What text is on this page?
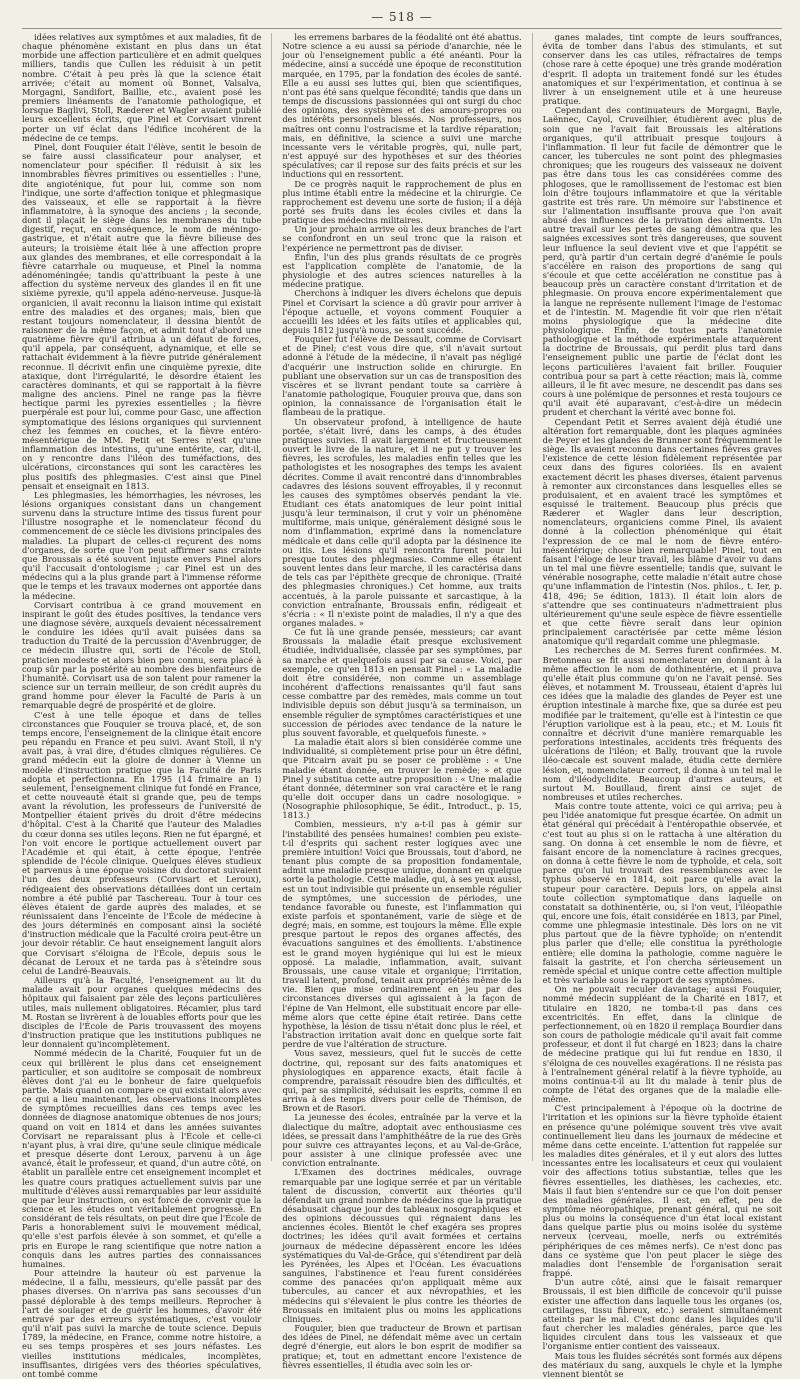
— 518 —

idées relatives aux symptômes et aux maladies, fit de chaque phénomène existant en plus dans un état morbide une affection particulière et en admit quelques milliers, tandis que Cullen les réduisit à un petit nombre. C'était à peu près là que la science était arrivée; c'était au moment où Bonnet, Valsalva, Morgagni, Sandifort, Baillie, etc., avaient posé les premiers linéaments de l'anatomie pathologique, et lorsque Baglivi, Stoll, Ræderer et Wagler avaient publié leurs excellents écrits, que Pinel et Corvisart vinrent porter un vif éclat dans l'édifice incohérent de la médecine de ce temps.

Pinel, dont Fouquier était l'élève, sentit le besoin de se faire aussi classificateur pour analyser, et nomenclateur pour spécifier. Il réduisit à six les innombrables fièvres primitives ou essentielles : l'une, dite angioténique, fut pour lui, comme son nom l'indique, une sorte d'affection tonique et phlegmasique des vaisseaux, et elle se rapportait à la fièvre inflammatoire, à la synoque des anciens ; la seconde, dont il plaçait le siège dans les membranes du tube digestif, reçut, en conséquence, le nom de méningo-gastrique, et n'était autre que la fièvre bilieuse des auteurs; la troisième était liée à une affection propre aux glandes des membranes, et elle correspondait à la fièvre catarrhale ou muqueuse, et Pinel la nomma adénoméningée; tandis qu'attribuant la peste à une affection du système nerveux des glandes il en fit une sixième pyrexie, qu'il appela adéno-nerveuse. Jusque-là organicien, il avait reconnu la liaison intime qui existait entre des maladies et des organes; mais, bien que restant toujours nomenclateur, il dessina bientôt de raisonner de la même façon, et admit tout d'abord une quatrième fièvre qu'il attribua à un défaut de forces, qu'il appela, par conséquent, adynamique, et elle se rattachait évidemment à la fièvre putride généralement reconnue. Il décrivit enfin une cinquième pyrexie, dite ataxique, dont l'irrégularité, le désordre étaient les caractères dominants, et qui se rapportait à la fièvre maligne des anciens. Pinel ne range pas la fièvre hectique parmi les pyrexies essentielles ; la fièvre puerpérale est pour lui, comme pour Gasc, une affection symptomatique des lésions organiques qui surviennent chez les femmes en couches, et la fièvre entéro-mésentérique de MM. Petit et Serres n'est qu'une inflammation des intestins, qu'une entérite, car, dit-il, on y rencontre dans l'iléon des tuméfactions, des ulcérations, circonstances qui sont les caractères les plus positifs des phlegmasies. C'est ainsi que Pinel pensait et enseignait en 1813.

Les phlegmasies, les hémorrhagies, les névroses, les lésions organiques consistant dans un changement survenu dans la structure intime des tissus furent pour l'illustre nosographe et le nomenclateur fécond du commencement de ce siècle les divisions principales des maladies. La plupart de celles-ci reçurent des noms d'organes, de sorte que l'on peut affirmer sans crainte que Broussais a été souvent injuste envers Pinel alors qu'il l'accusait d'ontologisme ; car Pinel est un des médecins qui a la plus grande part à l'immense réforme que le temps et les travaux modernes ont apportée dans la médecine.

Corvisart contribua à ce grand mouvement en inspirant le goût des études positives, la tendance vers une diagnose sévère, auxquels devaient nécessairement le conduire les idées qu'il avait puisées dans sa traduction du Traité de la percussion d'Avenbrugger, de ce médecin illustre qui, sorti de l'école de Stoll, praticien modeste et alors bien peu connu, sera placé à coup sûr par la postérité au nombre des bienfaiteurs de l'humanité. Corvisart usa de son talent pour ramener la science sur un terrain meilleur, de son crédit auprès du grand homme pour élever la Faculté de Paris à un remarquable degré de prospérité et de gloire.

C'est à une telle époque et dans de telles circonstances que Fouquier se trouva placé, et, de son temps encore, l'enseignement de la clinique était encore peu répandu en France et peu suivi. Avant Stoll, il n'y avait pas, à vrai dire, d'études cliniques régulières. Ce grand médecin eut la gloire de donner à Vienne un modèle d'instruction pratique que la Faculté de Paris adopta et perfectionna. En 1795 (14 frimaire an I) seulement, l'enseignement clinique fut fondé en France, et cette nouveauté était si grande que, peu de temps avant la révolution, les professeurs de l'université de Montpellier étaient privés du droit d'être médecins d'hôpital. C'est à la Charité que l'auteur des Maladies du cœur donna ses utiles leçons. Rien ne fut épargné, et l'on voit encore le portique actuellement ouvert par l'Académie et qui était, à cette époque, l'entrée splendide de l'école clinique. Quelques élèves studieux et parvenus à une époque voisine du doctorat suivaient l'un des deux professeurs (Corvisart et Leroux), rédigeaient des observations détaillées dont un certain nombre a été publié par Taschereau. Tour à tour ces élèves étaient de garde auprès des malades, et se réunissaient dans l'enceinte de l'École de médecine à des jours déterminés en composant ainsi la société d'instruction médicale que la Faculté croira peut-être un jour devoir rétablir. Ce haut enseignement languit alors que Corvisart s'éloigna de l'École, depuis sous le décanat de Leroux et ne tarda pas à s'éteindre sous celui de Landré-Beauvais.

Ailleurs qu'à la Faculté, l'enseignement au lit du malade avait pour organes quelques médecins des hôpitaux qui faisaient par zèle des leçons particulières utiles, mais nullement obligatoires. Récamier, plus tard M. Rostan se livrèrent à de louables efforts pour que les disciples de l'École de Paris trouvassent des moyens d'instruction pratique que les institutions publiques ne leur donnaient qu'incomplètement.

Nommé médecin de la Charité, Fouquier fut un de ceux qui brillèrent le plus dans cet enseignement particulier, et son auditoire se composait de nombreux élèves dont j'ai eu le bonheur de faire quelquefois partie. Mais quand on compare ce qui existait alors avec ce qui a lieu maintenant, les observations incomplètes de symptômes recueillies dans ces temps avec les données de diagnose anatomique obtenues de nos jours; quand on voit en 1814 et dans les années suivantes Corvisart ne reparaissant plus à l'École et celle-ci n'ayant plus, à vrai dire, qu'une seule clinique médicale et presque déserte dont Leroux, parvenu à un âge avancé, était le professeur, et quand, d'un autre côté, on établit un parallèle entre cet enseignement incomplet et les quatre cours pratiques actuellement suivis par une multitude d'élèves aussi remarquables par leur assiduité que par leur instruction, on est forcé de convenir que la science et les études ont véritablement progressé. En considérant de tels résultats, on peut dire que l'École de Paris a honorablement suivi le mouvement médical, qu'elle s'est parfois élevée à son sommet, et qu'elle a pris en Europe le rang scientifique que notre nation a conquis dans les autres parties des connaissances humaines.

Pour atteindre la hauteur où est parvenue la médecine, il a fallu, messieurs, qu'elle passât par des phases diverses. On n'arriva pas sans secousses d'un passé déplorable à des temps meilleurs. Reprocher à l'art de soulager et de guérir les hommes, d'avoir été entravé par des erreurs systématiques, c'est vouloir qu'il n'ait pas suivi la marche de toute science. Depuis 1789, la médecine, en France, comme notre histoire, a eu ses temps prospères et ses jours néfastes. Les vieilles institutions médicales, incomplètes, insuffisantes, dirigées vers des théories spéculatives, ont tombé comme

les erremens barbares de la féodalité ont été abattus. Notre science a eu aussi sa période d'anarchie, née le jour où l'enseignement public a été anéanti. Pour la médecine, ainsi a succédé une époque de reconstitution marquée, en 1795, par la fondation des écoles de santé. Elle a eu aussi ses luttes qui, bien que scientifiques, n'ont pas été sans quelque fécondité; tandis que dans un temps de discussions passionnées qui ont surgi du choc des opinions, des systèmes et des amours-propres ou des intérêts personnels blessés. Nos professeurs, nos maîtres ont connu l'ostracisme et la tardive réparation; mais, en définitive, la science a suivi une marche incessante vers le véritable progrès, qui, nulle part, n'est appuyé sur des hypothèses et sur des théories spéculatives; car il repose sur des faits précis et sur les inductions qui en ressortent.

De ce progrès naquit le rapprochement de plus en plus intime établi entre la médecine et la chirurgie. Ce rapprochement est devenu une sorte de fusion; il a déjà porté ses fruits dans les écoles civiles et dans la pratique des médecins militaires.

Un jour prochain arrive où les deux branches de l'art se confondront en un seul tronc que la raison et l'expérience ne permettront pas de diviser.

Enfin, l'un des plus grands résultats de ce progrès est l'application complète de l'anatomie, de la physiologie et des autres sciences naturelles à la médecine pratique.

Cherchons à indiquer les divers échelons que depuis Pinel et Corvisart la science a dû gravir pour arriver à l'époque actuelle, et voyons comment Fouquier a accueilli les idées et les faits utiles et applicables qui, depuis 1812 jusqu'à nous, se sont succédé.

Fouquier fut l'élève de Dessault, comme de Corvisart et de Pinel; c'est vous dire que, s'il n'avait surtout adonné à l'étude de la médecine, il n'avait pas négligé d'acquérir une instruction solide en chirurgie. En publiant une observation sur un cas de transposition des viscères et se livrant pendant toute sa carrière à l'anatomie pathologique, Fouquier prouva que, dans son opinion, la connaissance de l'organisation était le flambeau de la pratique.

Un observateur profond, à intelligence de haute portée, s'était livré, dans les camps, à des études pratiques suivies. Il avait largement et fructueusement ouvert le livre de la nature, et il ne put y trouver les fièvres, les scrofules, les maladies enfin telles que les pathologistes et les nosographes des temps les avaient décrites. Comme il avait rencontré dans d'innombrables cadavres des lésions souvent effroyables, il y reconnut les causes des symptômes observés pendant la vie. Étudiant ces états anatomiques de leur point initial jusqu'à leur terminaison, il crut y voir un phénomène multiforme, mais unique, généralement désigné sous le nom d'inflammation, exprimé dans la nomenclature médicale et dans celle qu'il adopta par la désinence ite ou itis. Les lésions qu'il rencontra furent pour lui presque toutes des phlegmasies. Comme elles étaient souvent lentes dans leur marche, il les caractérisa dans de tels cas par l'épithète grecque de chronique. (Traité des phlegmasies chroniques.) Cet homme, aux traits accentués, à la parole puissante et sarcastique, à la conviction entraînante, Broussais enfin, rédigeait et s'écria : « Il n'existe point de maladies, il n'y a que des organes malades. »

Ce fut là une grande pensée, messieurs; car avant Broussais la maladie était presque exclusivement étudiée, individualisée, classée par ses symptômes, par sa marche et quelquefois aussi par sa cause. Voici, par exemple, ce qu'en 1813 en pensait Pinel : « La maladie doit être considérée, non comme un assemblage incohérent d'affections renaissantes qu'il faut sans cesse combattre par des remèdes, mais comme un tout indivisible depuis son début jusqu'à sa terminaison, un ensemble régulier de symptômes caractéristiques et une succession de périodes avec tendance de la nature le plus souvent favorable, et quelquefois funeste. »

La maladie était alors si bien considérée comme une individualité, si complètement prise pour un être défini, que Pitcairn avait pu se poser ce problème : « Une maladie étant donnée, en trouver le remède; » et que Pinel y substitua cette autre proposition : « Une maladie étant donnée, déterminer son vrai caractère et le rang qu'elle doit occuper dans un cadre nosologique. » (Nosographie philosophique, 5e édit., Introduct., p. 15, 1813.)

Combien, messieurs, n'y a-t-il pas à gémir sur l'instabilité des pensées humaines! combien peu existe-t-il d'esprits qui sachent rester logiques avec une première intuition! Voici que Broussais, tout d'abord, ne tenant plus compte de sa proposition fondamentale, admit une maladie presque unique, donnant en quelque sorte la pathologie. Cette maladie, qui, à ses yeux aussi, est un tout indivisible qui présente un ensemble régulier de symptômes, une succession de périodes, une tendance favorable ou funeste, est l'inflammation qui existe parfois et spontanément, varie de siège et de degré; mais, en somme, est toujours la même. Elle expie presque partout le repos des organes affectés, des évacuations sanguines et des émollients. L'abstinence est le grand moyen hygiénique qui lui est le mieux opposé. La maladie, inflammation, avait, suivant Broussais, une cause vitale et organique; l'irritation, travail latent, profond, tenait aux propriétés même de la vie. Bien que mise ordinairement en jeu par des circonstances diverses qui agissaient à la façon de l'épine de Van Helmont, elle substituait encore par elle-même alors que cette épine était retirée. Dans cette hypothèse, la lésion de tissu n'était donc plus le réel, et l'abstraction irritation avait donc en quelque sorte fait perdre de vue l'altération de structure.

Vous savez, messieurs, quel fut le succès de cette doctrine, qui, reposant sur des faits anatomiques et physiologiques en apparence exacts, était facile à comprendre, paraissait résoudre bien des difficultés, et qui, par sa simplicité, séduisait les esprits, comme il en arriva à des temps divers pour celle de Thémison, de Brown et de Rasori.

La jeunesse des écoles, entraînée par la verve et la dialectique du maître, adoptait avec enthousiasme ces idées, se pressait dans l'amphithéâtre de la rue des Grès pour suivre ces attrayantes leçons, et au Val-de-Grâce, pour assister à une clinique professée avec une conviction entraînante.

L'Examen des doctrines médicales, ouvrage remarquable par une logique serrée et par un véritable talent de discussion, convertit aux théories qu'il défendait un grand nombre de médecins que la pratique désabusait chaque jour des tableaux nosographiques et des opinions découssues qui régnaient dans les anciennes écoles. Bientôt le chef exagéra ses propres doctrines; les idées qu'il avait formées et certains journaux de médecine dépassèrent encore les idées systématiques du Val-de-Grâce, qui s'étendirent par delà les Pyrénées, les Alpes et l'Océan. Les évacuations sanguines, l'abstinence et l'eau furent considérées comme des panacées qu'on appliquait même aux tubercules, au cancer et aux névropathies, et les médecins qui s'élevaient le plus contre les théories de Broussais en imitaient plus ou moins les applications cliniques.

Fouquier, bien que traducteur de Brown et partisan des idées de Pinel, ne défendait même avec un certain degré d'énergie, eut alors le bon esprit de modifier sa pratique; et, tout en admettant encore l'existence de fièvres essentielles, il étudia avec soin les or-

ganes malades, tint compte de leurs souffrances, évita de tomber dans l'abus des stimulants, et sut conserver dans les cas utiles, réfractaires de temps (chose rare à cette époque) une très grande modération d'esprit. Il adopta un traitement fondé sur les études anatomiques et sur l'expérimentation, et continua à se livrer à un enseignement utile et à une heureuse pratique.

Cependant des continuateurs de Morgagni, Bayle, Laënnec, Cayol, Cruveilhier, étudièrent avec plus de soin que ne l'avait fait Broussais les altérations organiques, qu'il attribuait presque toujours à l'inflammation. Il leur fut facile de démontrer que le cancer, les tubercules ne sont point des phlegmasies chroniques; que les rougeurs des vaisseaux ne doivent pas être dans tous les cas considérées comme des phlogoses, que le ramollissement de l'estomac est bien loin d'être toujours inflammatoire et que la véritable gastrite est très rare. Un mémoire sur l'abstinence et sur l'alimentation insuffisante prouva que l'on avait abusé des influences de la privation des aliments. Un autre travail sur les pertes de sang démontra que les saignées excessives sont très dangereuses, que souvent leur influence la seul devient vive et que l'appétit se perd, qu'à partir d'un certain degré d'anémie le pouls s'accélère en raison des proportions de sang qui s'écoule et que cette accélération ne constitue pas à beaucoup près un caractère constant d'irritation et de phlegmasie. On prouva encore expérimentalement que la langue ne représente nullement l'image de l'estomac et de l'intestin. M. Magendie fit voir que rien n'était moins physiologique que la médecine dite physiologique. Enfin, de toutes parts l'anatomie pathologique et la méthode expérimentale attaquèrent la doctrine de Broussais, qui perdit plus tard dans l'enseignement public une partie de l'éclat dont les leçons particulières l'avaient fait briller. Fouquier contribua pour sa part à cette réaction; mais là, comme ailleurs, il le fit avec mesure, ne descendit pas dans ses cours à une polémique de personnes et resta toujours ce qu'il avait été auparavant, c'est-à-dire un médecin prudent et cherchant la vérité avec bonne foi.

Cependant Petit et Serres avaient déjà étudié une altération fort remarquable, dont les plaques agminées de Peyer et les glandes de Brunner sont fréquemment le siège. Ils avaient reconnu dans certaines fièvres graves l'existence de cette lésion fidèlement représentée par ceux dans des figures coloriées. Ils en avaient exactement décrit les phases diverses, étaient parvenus à remonter aux circonstances dans lesquelles elles se produisaient, et en avaient tracé les symptômes et esquissé le traitement. Beaucoup plus précis que Ræderer et Wagler dans leur description, nomenclateurs, organiciens comme Pinel, ils avaient donné à la collection phénoménique qui était l'expression de ce mal le nom de fièvre entéro-mésentérique; chose bien remarquable! Pinel, tout en faisant l'éloge de leur travail, les blâme d'avoir vu dans un tel mal une fièvre essentielle; tandis que, suivant le vénérable nosographe, cette maladie n'était autre chose qu'une inflammation de l'intestin (Nos. philos., t. Ier, p. 418, 496; 5e édition, 1813). Il était loin alors de s'attendre que ses continuateurs n'admettraient plus ultérieurement qu'une seule espèce de fièvre essentielle et que cette fièvre serait dans leur opinion principalement caractérisée par cette même lésion anatomique qu'il regardait comme une phlegmasie.

Les recherches de M. Serres furent confirmées. M. Bretonneau se fit aussi nomenclateur en donnant à la même affection le nom de dothinentérie, et il prouva qu'elle était plus commune qu'on ne l'avait pensé. Ses élèves, et notamment M. Trousseau, étaient d'après lui ces idées que la maladie des glandes de Peyer est une éruption intestinale à marche fixe, que sa durée est peu modifiée par le traitement, qu'elle est à l'intestin ce que l'éruption variolique est à la peau, etc.; et M. Louis fit connaître et décrivit d'une manière remarquable les perforations intestinales, accidents très fréquents des ulcérations de l'iléon; et Bally, trouvant que la ruvole iléo-cæcale est souvent malade, étudia cette dernière lésion, et, nomenclateur correct, il donna à un tel mal le nom d'iléodyclidite. Beaucoup d'autres auteurs, et surtout M. Bouillaud, firent ainsi ce sujet de nombreuses et utiles recherches.

Mais contre toute attente, voici ce qui arriva; peu à peu l'idée anatomique fut presque écartée. On admit un état général qui précédait à l'entéropathie observée, et c'est tout au plus si on le rattacha à une altération du sang. On donna à cet ensemble le nom de fièvre, et faisant encore de la nomenclature à racines grecques, on donna à cette fièvre le nom de typhoïde, et cela, soit parce qu'on lui trouvait des ressemblances avec le typhus observé en 1814, soit parce qu'elle avait la stupeur pour caractère. Depuis lors, on appela ainsi toute collection symptomatique dans laquelle on constatait sa dothinentérie, ou, si l'on veut, l'iléopathie qui, encore une fois, était considérée en 1813, par Pinel, comme une phlegmasie intestinale. Dès lors on ne vit plus partout que de la fièvre typhoïde; on n'entendit plus parler que d'elle; elle constitua la pyréthologie entière; elle domina la pathologie, comme naguère le faisait la gastrite, et l'on chercha sérieusement un remède spécial et unique contre cette affection multiple et très variable sous le rapport de ses symptômes.

On ne pouvait reculer davantage; aussi Fouquier, nommé médecin suppléant de la Charité en 1817, et titulaire en 1820, ne tomba-t-il pas dans ces excentricités. En effet, dans la clinique de perfectionnement, où en 1820 il remplaça Bourdier dans son cours de pathologie médicale qu'il avait fait comme professeur, et dont il fut chargé en 1823; dans la chaire de médecine pratique qui lui fut rendue en 1830, il s'éloigna de ces nouvelles exagérations. Il ne résista pas à l'entraînement général relatif à la fièvre typhoïde, au moins continua-t-il au lit du malade à tenir plus de compte de l'état des organes que de la maladie elle-même.

C'est principalement à l'époque où la doctrine de l'irritation et les opinions sur la fièvre typhoïde étaient en présence qu'une polémique souvent très vive avait continuellement lieu dans les journaux de médecine et même dans cette enceinte. L'attention fut rappelée sur les maladies dites générales, et il y eut alors des luttes incessantes entre les localisateurs et ceux qui voulaient voir des affections totius substantiæ, telles que les fièvres essentielles, les diathèses, les cachexies, etc. Mais il faut bien s'entendre sur ce que l'on doit penser des maladies générales. Il est, en effet, peu de symptôme néoropathique, prenant général, qui ne soit plus ou moins la conséquence d'un état local existant dans quelque partie plus ou moins isolée du système nerveux (cerveau, moelle, nerfs ou extrémités périphériques de ces mêmes nerfs). Ce n'est donc pas dans ce système que l'on peut placer le siège des maladies dont l'ensemble de l'organisation serait frappé.

D'un autre côté, ainsi que le faisait remarquer Broussais, il est bien difficile de concevoir qu'il puisse exister une affection dans laquelle tous les organes (os, cartilages, tissu fibreux, etc.) seraient simultanément atteints par le mal. C'est donc dans les liquides qu'il faut chercher les maladies générales, parce que les liquides circulent dans tous les vaisseaux et que l'organisme entier contient des vaisseaux.

Mais tous les fluides sécrétés sont formés aux dépens des matériaux du sang, auxquels le chyle et la lymphe viennent bientôt se
